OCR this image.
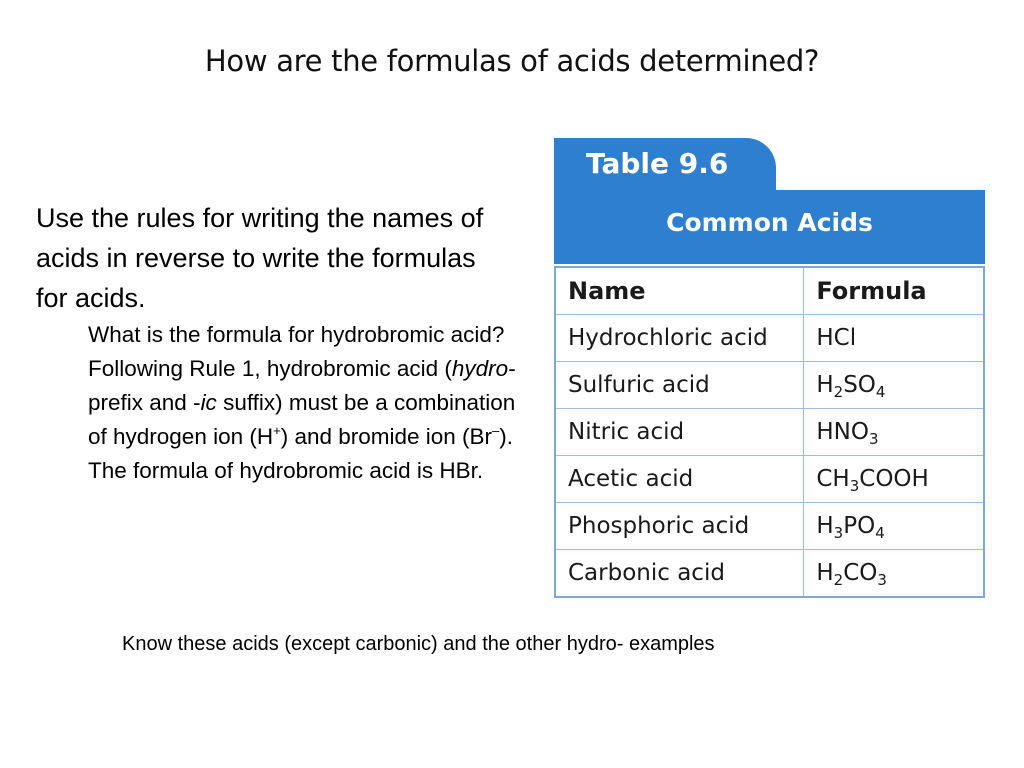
How are the formulas of acids determined?

Use the rules for writing the names of acids in reverse to write the formulas for acids.

What is the formula for hydrobromic acid? Following Rule 1, hydrobromic acid (hydro- prefix and -ic suffix) must be a combination of hydrogen ion (H+) and bromide ion (Br–). The formula of hydrobromic acid is HBr.

Table 9.6
Common Acids
Name	Formula
Hydrochloric acid	HCl
Sulfuric acid	$H_2SO_4$
Nitric acid	$HNO_3$
Acetic acid	$CH_3COOH$
Phosphoric acid	$H_3PO_4$
Carbonic acid	$H_2CO_3$
Know these acids (except carbonic) and the other hydro- examples
